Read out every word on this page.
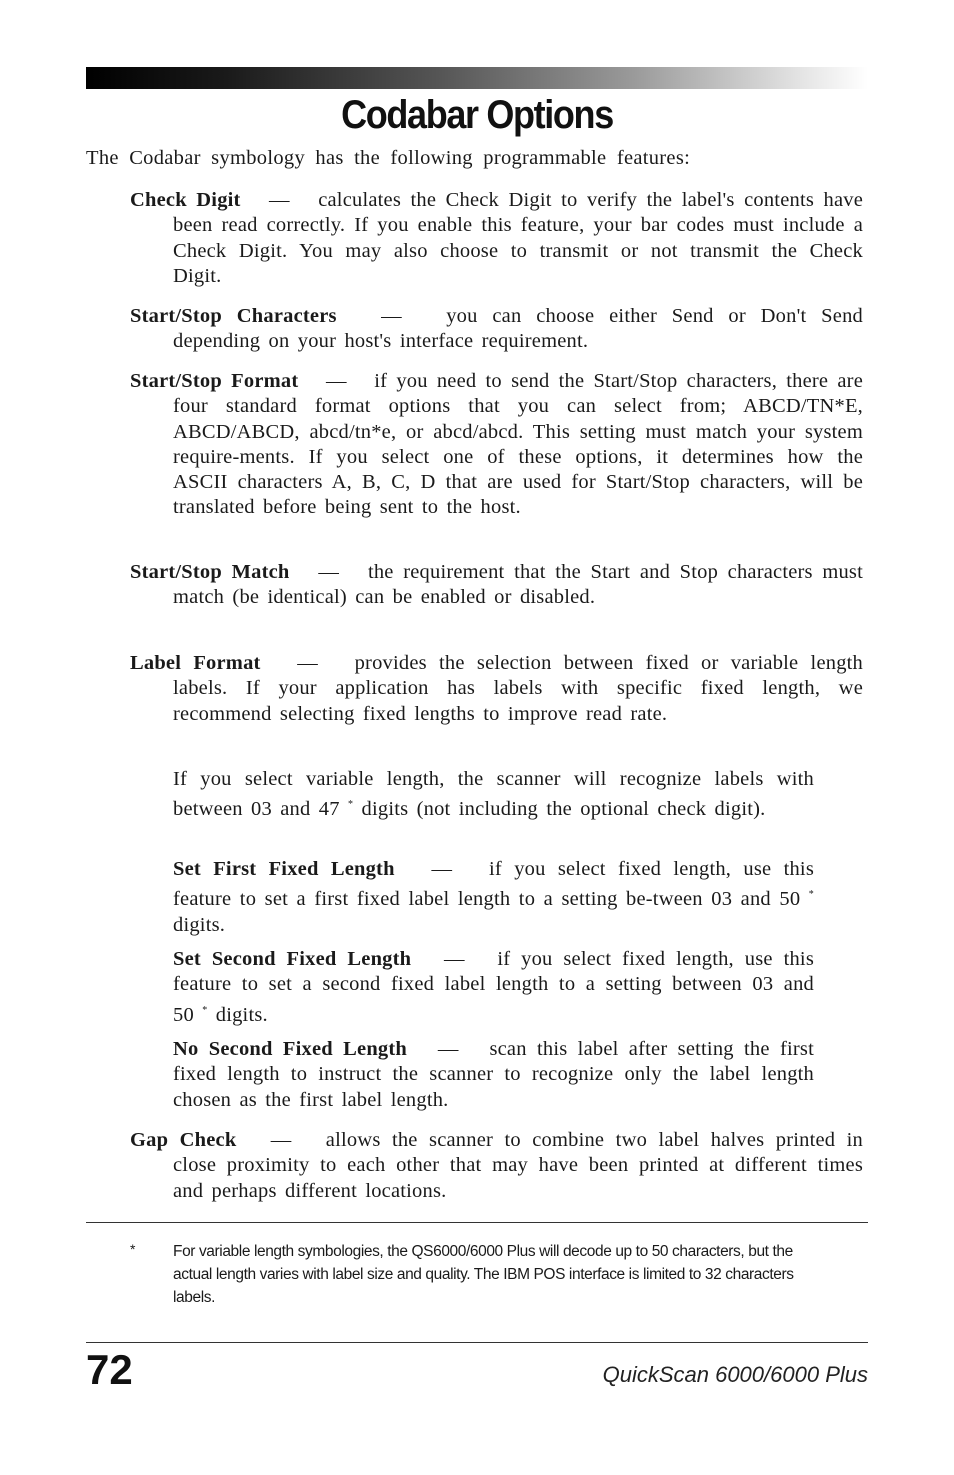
Codabar Options
The Codabar symbology has the following programmable features:
Check Digit — calculates the Check Digit to verify the label's contents have been read correctly. If you enable this feature, your bar codes must include a Check Digit. You may also choose to transmit or not transmit the Check Digit.
Start/Stop Characters — you can choose either Send or Don't Send depending on your host's interface requirement.
Start/Stop Format — if you need to send the Start/Stop characters, there are four standard format options that you can select from; ABCD/TN*E, ABCD/ABCD, abcd/tn*e, or abcd/abcd. This setting must match your system require-ments. If you select one of these options, it determines how the ASCII characters A, B, C, D that are used for Start/Stop characters, will be translated before being sent to the host.
Start/Stop Match — the requirement that the Start and Stop characters must match (be identical) can be enabled or disabled.
Label Format — provides the selection between fixed or variable length labels. If your application has labels with specific fixed length, we recommend selecting fixed lengths to improve read rate.
If you select variable length, the scanner will recognize labels with between 03 and 47 * digits (not including the optional check digit).
Set First Fixed Length — if you select fixed length, use this feature to set a first fixed label length to a setting be-tween 03 and 50 * digits.
Set Second Fixed Length — if you select fixed length, use this feature to set a second fixed label length to a setting between 03 and 50 * digits.
No Second Fixed Length — scan this label after setting the first fixed length to instruct the scanner to recognize only the label length chosen as the first label length.
Gap Check — allows the scanner to combine two label halves printed in close proximity to each other that may have been printed at different times and perhaps different locations.
* For variable length symbologies, the QS6000/6000 Plus will decode up to 50 characters, but the actual length varies with label size and quality. The IBM POS interface is limited to 32 characters labels.
72	QuickScan 6000/6000 Plus
